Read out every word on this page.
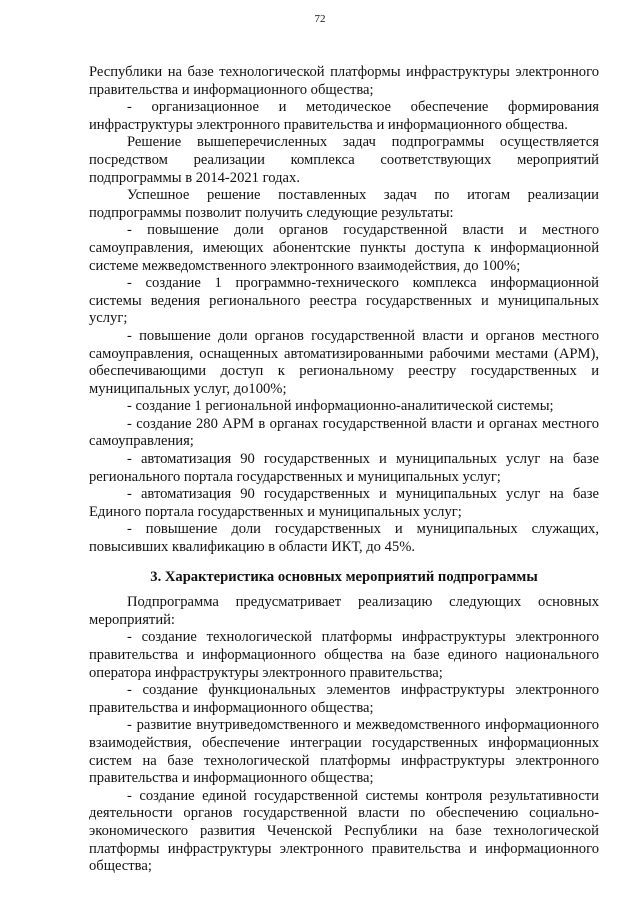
72

Республики на базе технологической платформы инфраструктуры электронного правительства и информационного общества;

- организационное и методическое обеспечение формирования инфраструктуры электронного правительства и информационного общества.

Решение вышеперечисленных задач подпрограммы осуществляется посредством реализации комплекса соответствующих мероприятий подпрограммы в 2014-2021 годах.

Успешное решение поставленных задач по итогам реализации подпрограммы позволит получить следующие результаты:

- повышение доли органов государственной власти и местного самоуправления, имеющих абонентские пункты доступа к информационной системе межведомственного электронного взаимодействия, до 100%;

- создание 1 программно-технического комплекса информационной системы ведения регионального реестра государственных и муниципальных услуг;

- повышение доли органов государственной власти и органов местного самоуправления, оснащенных автоматизированными рабочими местами (АРМ), обеспечивающими доступ к региональному реестру государственных и муниципальных услуг, до100%;

- создание 1 региональной информационно-аналитической системы;

- создание 280 АРМ в органах государственной власти и органах местного самоуправления;

- автоматизация 90 государственных и муниципальных услуг на базе регионального портала государственных и муниципальных услуг;

- автоматизация 90 государственных и муниципальных услуг на базе Единого портала государственных и муниципальных услуг;

- повышение доли государственных и муниципальных служащих, повысивших квалификацию в области ИКТ, до 45%.

3. Характеристика основных мероприятий подпрограммы

Подпрограмма предусматривает реализацию следующих основных мероприятий:

- создание технологической платформы инфраструктуры электронного правительства и информационного общества на базе единого национального оператора инфраструктуры электронного правительства;

- создание функциональных элементов инфраструктуры электронного правительства и информационного общества;

- развитие внутриведомственного и межведомственного информационного взаимодействия, обеспечение интеграции государственных информационных систем на базе технологической платформы инфраструктуры электронного правительства и информационного общества;

- создание единой государственной системы контроля результативности деятельности органов государственной власти по обеспечению социально-экономического развития Чеченской Республики на базе технологической платформы инфраструктуры электронного правительства и информационного общества;
